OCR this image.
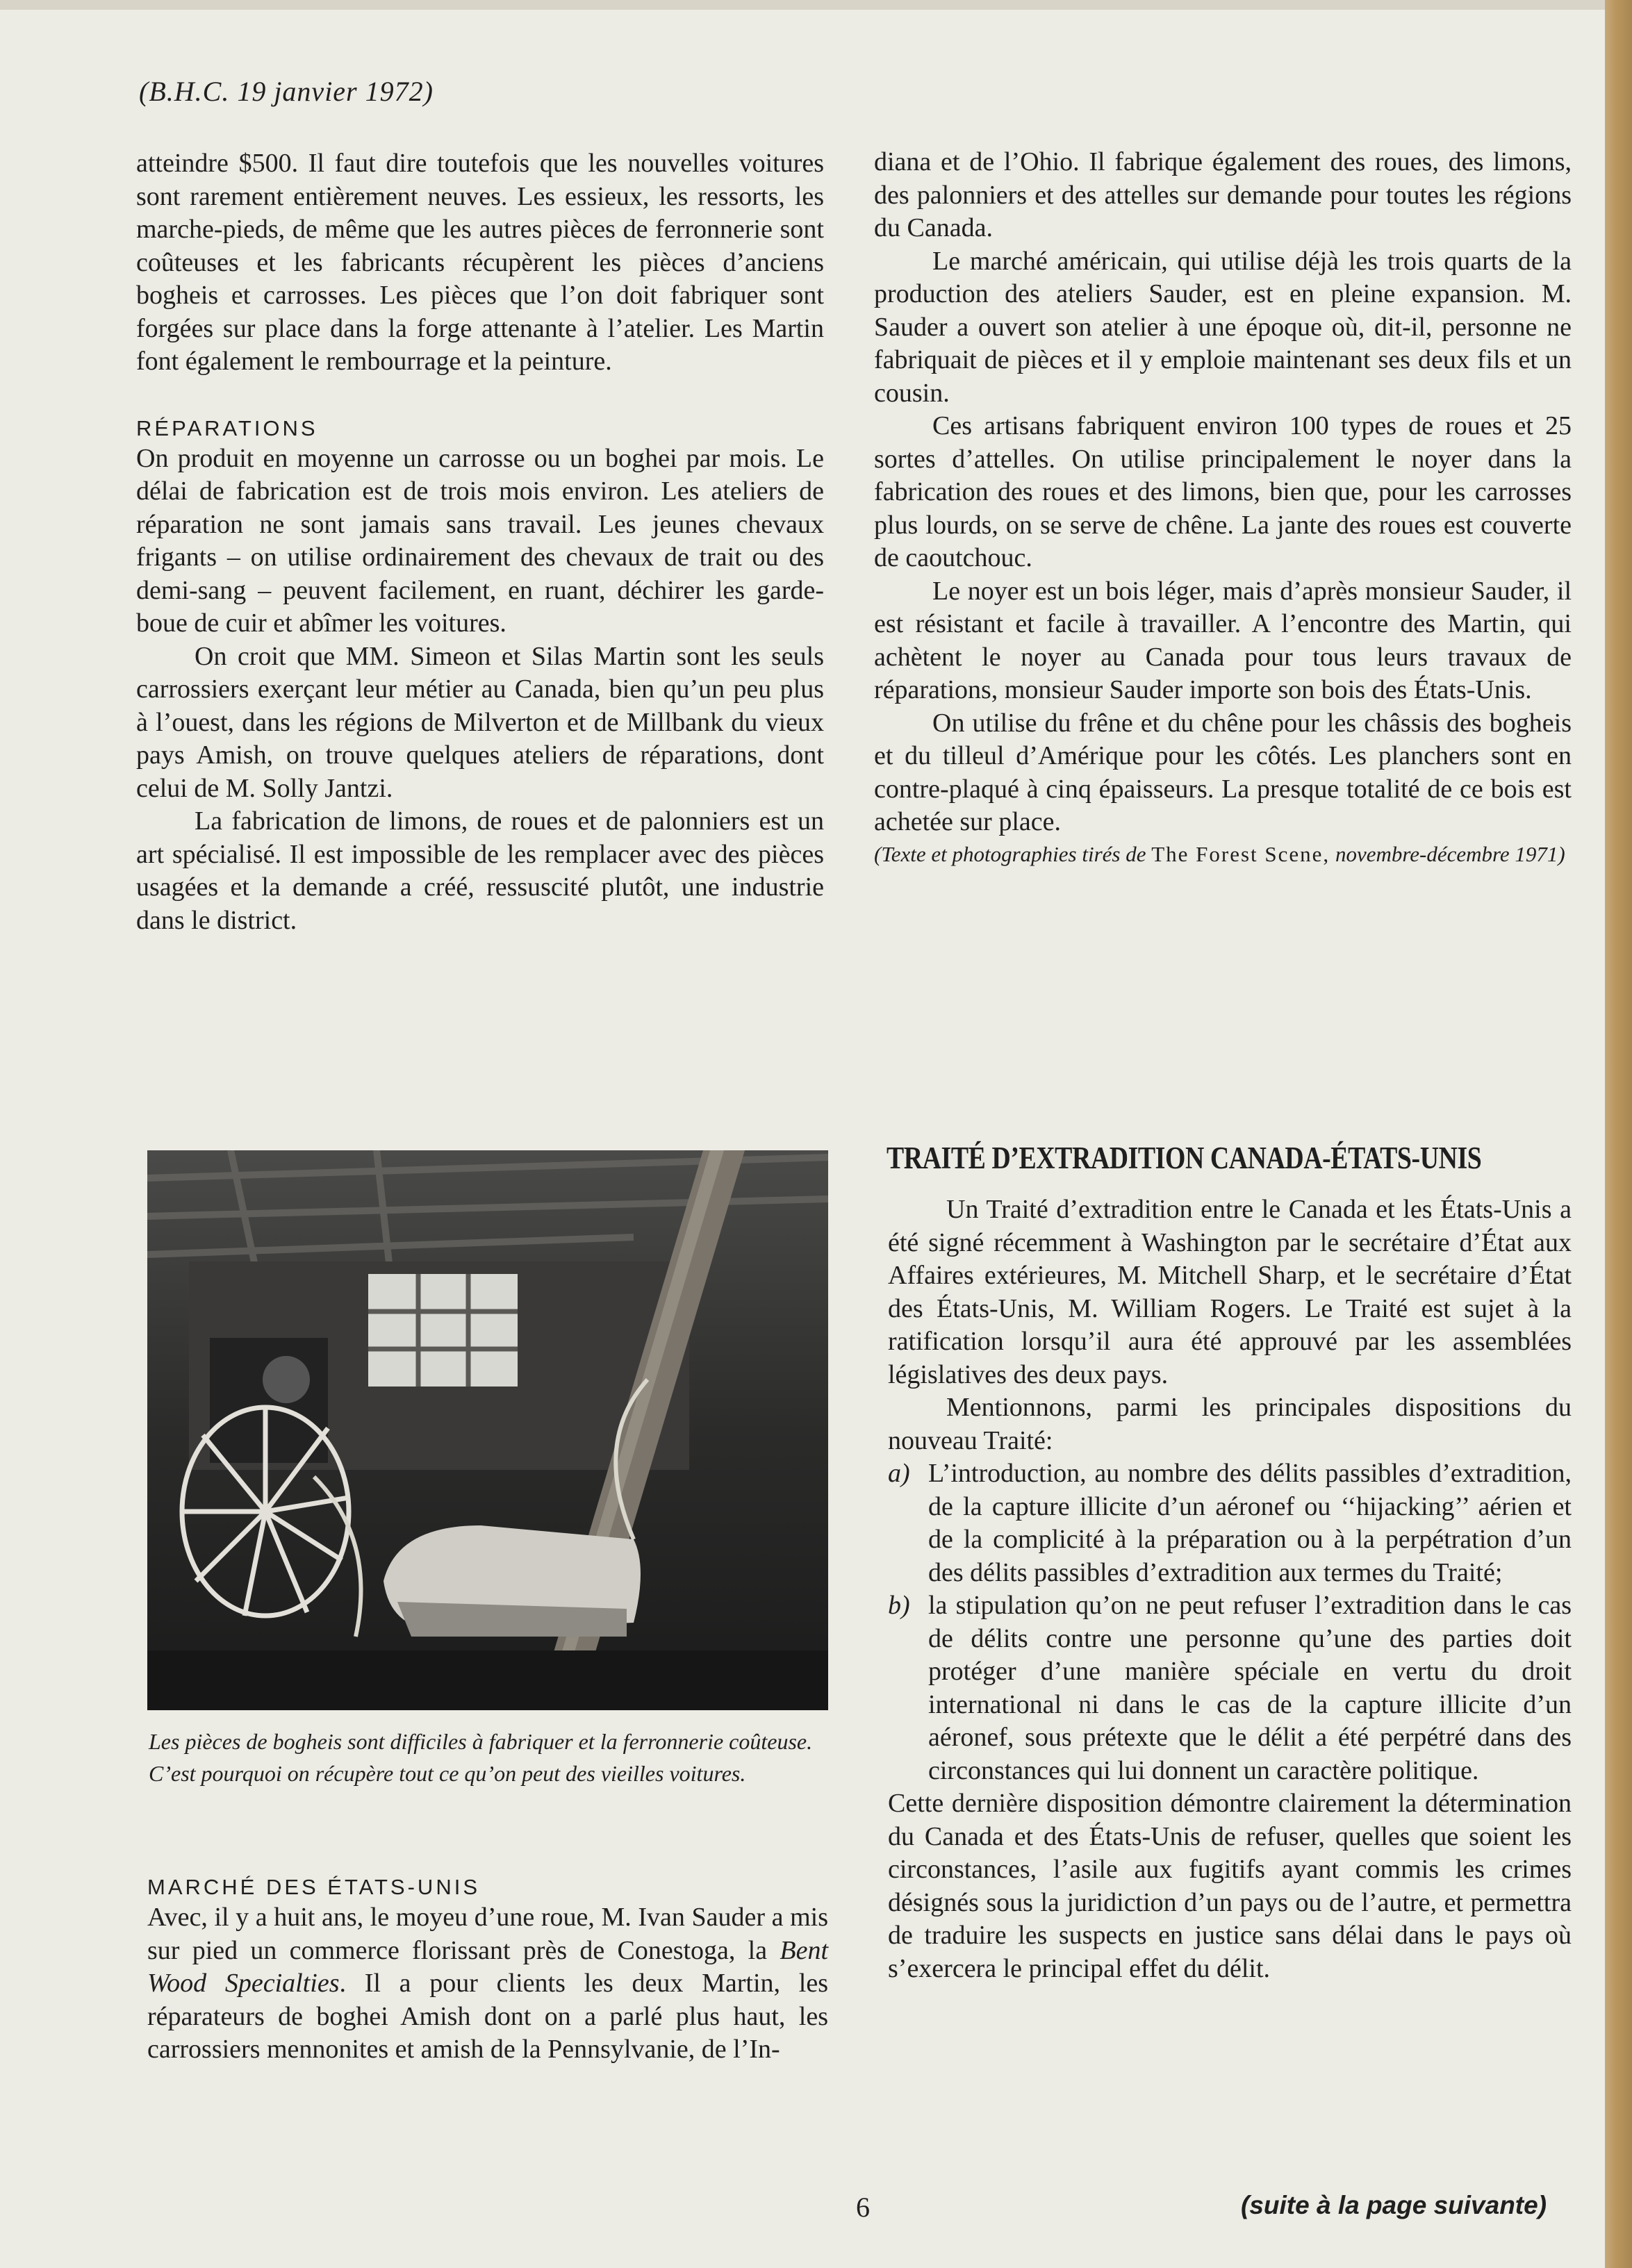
(B.H.C. 19 janvier 1972)

atteindre $500. Il faut dire toutefois que les nouvelles voitures sont rarement entièrement neuves. Les essieux, les ressorts, les marche-pieds, de même que les autres pièces de ferronnerie sont coûteuses et les fabricants récupèrent les pièces d’anciens bogheis et carrosses. Les pièces que l’on doit fabriquer sont forgées sur place dans la forge attenante à l’atelier. Les Martin font également le rembourrage et la peinture.

RÉPARATIONS

On produit en moyenne un carrosse ou un boghei par mois. Le délai de fabrication est de trois mois environ. Les ateliers de réparation ne sont jamais sans travail. Les jeunes chevaux frigants – on utilise ordinairement des chevaux de trait ou des demi-sang – peuvent facilement, en ruant, déchirer les garde-boue de cuir et abîmer les voitures.

On croit que MM. Simeon et Silas Martin sont les seuls carrossiers exerçant leur métier au Canada, bien qu’un peu plus à l’ouest, dans les régions de Milverton et de Millbank du vieux pays Amish, on trouve quelques ateliers de réparations, dont celui de M. Solly Jantzi.

La fabrication de limons, de roues et de palonniers est un art spécialisé. Il est impossible de les remplacer avec des pièces usagées et la demande a créé, ressuscité plutôt, une industrie dans le district.

Les pièces de bogheis sont difficiles à fabriquer et la ferronnerie coûteuse. C’est pourquoi on récupère tout ce qu’on peut des vieilles voitures.

MARCHÉ DES ÉTATS-UNIS

Avec, il y a huit ans, le moyeu d’une roue, M. Ivan Sauder a mis sur pied un commerce florissant près de Conestoga, la Bent Wood Specialties. Il a pour clients les deux Martin, les réparateurs de boghei Amish dont on a parlé plus haut, les carrossiers mennonites et amish de la Pennsylvanie, de l’In-

diana et de l’Ohio. Il fabrique également des roues, des limons, des palonniers et des attelles sur demande pour toutes les régions du Canada.

Le marché américain, qui utilise déjà les trois quarts de la production des ateliers Sauder, est en pleine expansion. M. Sauder a ouvert son atelier à une époque où, dit-il, personne ne fabriquait de pièces et il y emploie maintenant ses deux fils et un cousin.

Ces artisans fabriquent environ 100 types de roues et 25 sortes d’attelles. On utilise principalement le noyer dans la fabrication des roues et des limons, bien que, pour les carrosses plus lourds, on se serve de chêne. La jante des roues est couverte de caoutchouc.

Le noyer est un bois léger, mais d’après monsieur Sauder, il est résistant et facile à travailler. A l’encontre des Martin, qui achètent le noyer au Canada pour tous leurs travaux de réparations, monsieur Sauder importe son bois des États-Unis.

On utilise du frêne et du chêne pour les châssis des bogheis et du tilleul d’Amérique pour les côtés. Les planchers sont en contre-plaqué à cinq épaisseurs. La presque totalité de ce bois est achetée sur place.

(Texte et photographies tirés de The Forest Scene, novembre-décembre 1971)

TRAITÉ D’EXTRADITION CANADA-ÉTATS-UNIS

Un Traité d’extradition entre le Canada et les États-Unis a été signé récemment à Washington par le secrétaire d’État aux Affaires extérieures, M. Mitchell Sharp, et le secrétaire d’État des États-Unis, M. William Rogers. Le Traité est sujet à la ratification lorsqu’il aura été approuvé par les assemblées législatives des deux pays.

Mentionnons, parmi les principales dispositions du nouveau Traité:

a) L’introduction, au nombre des délits passibles d’extradition, de la capture illicite d’un aéronef ou ‘‘hijacking’’ aérien et de la complicité à la préparation ou à la perpétration d’un des délits passibles d’extradition aux termes du Traité;
b) la stipulation qu’on ne peut refuser l’extradition dans le cas de délits contre une personne qu’une des parties doit protéger d’une manière spéciale en vertu du droit international ni dans le cas de la capture illicite d’un aéronef, sous prétexte que le délit a été perpétré dans des circonstances qui lui donnent un caractère politique.

Cette dernière disposition démontre clairement la détermination du Canada et des États-Unis de refuser, quelles que soient les circonstances, l’asile aux fugitifs ayant commis les crimes désignés sous la juridiction d’un pays ou de l’autre, et permettra de traduire les suspects en justice sans délai dans le pays où s’exercera le principal effet du délit.

6	(suite à la page suivante)
